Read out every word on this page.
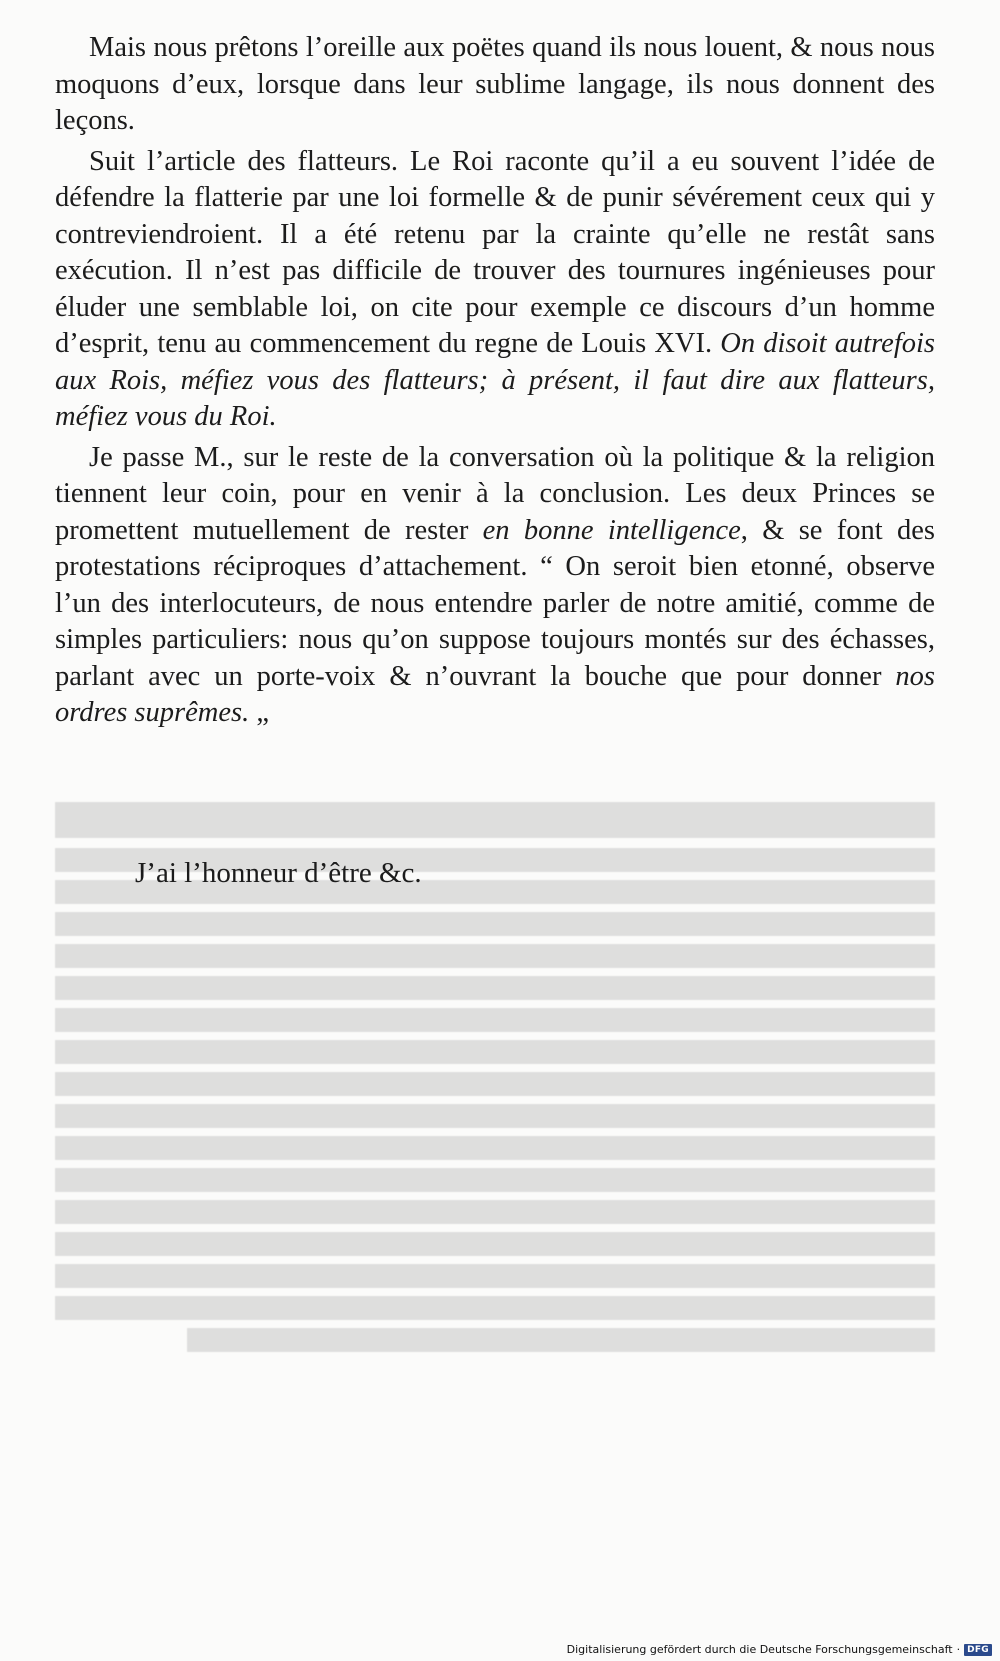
Mais nous prêtons l’oreille aux poëtes quand ils nous louent, & nous nous moquons d’eux, lorsque dans leur sublime langage, ils nous donnent des leçons.

Suit l’article des flatteurs. Le Roi raconte qu’il a eu souvent l’idée de défendre la flatterie par une loi formelle & de punir sévérement ceux qui y contreviendroient. Il a été retenu par la crainte qu’elle ne restât sans exécution. Il n’est pas difficile de trouver des tournures ingénieuses pour éluder une semblable loi, on cite pour exemple ce discours d’un homme d’esprit, tenu au commencement du regne de Louis XVI. On disoit autrefois aux Rois, méfiez vous des flatteurs; à présent, il faut dire aux flatteurs, méfiez vous du Roi.

Je passe M., sur le reste de la conversation où la politique & la religion tiennent leur coin, pour en venir à la conclusion. Les deux Princes se promettent mutuellement de rester en bonne intelligence, & se font des protestations réciproques d’attachement. “ On seroit bien etonné, observe l’un des interlocuteurs, de nous entendre parler de notre amitié, comme de simples particuliers: nous qu’on suppose toujours montés sur des échasses, parlant avec un porte-voix & n’ouvrant la bouche que pour donner nos ordres suprêmes. „

J’ai l’honneur d’être &c.
Digitalisierung gefördert durch die Deutsche Forschungsgemeinschaft · DFG
